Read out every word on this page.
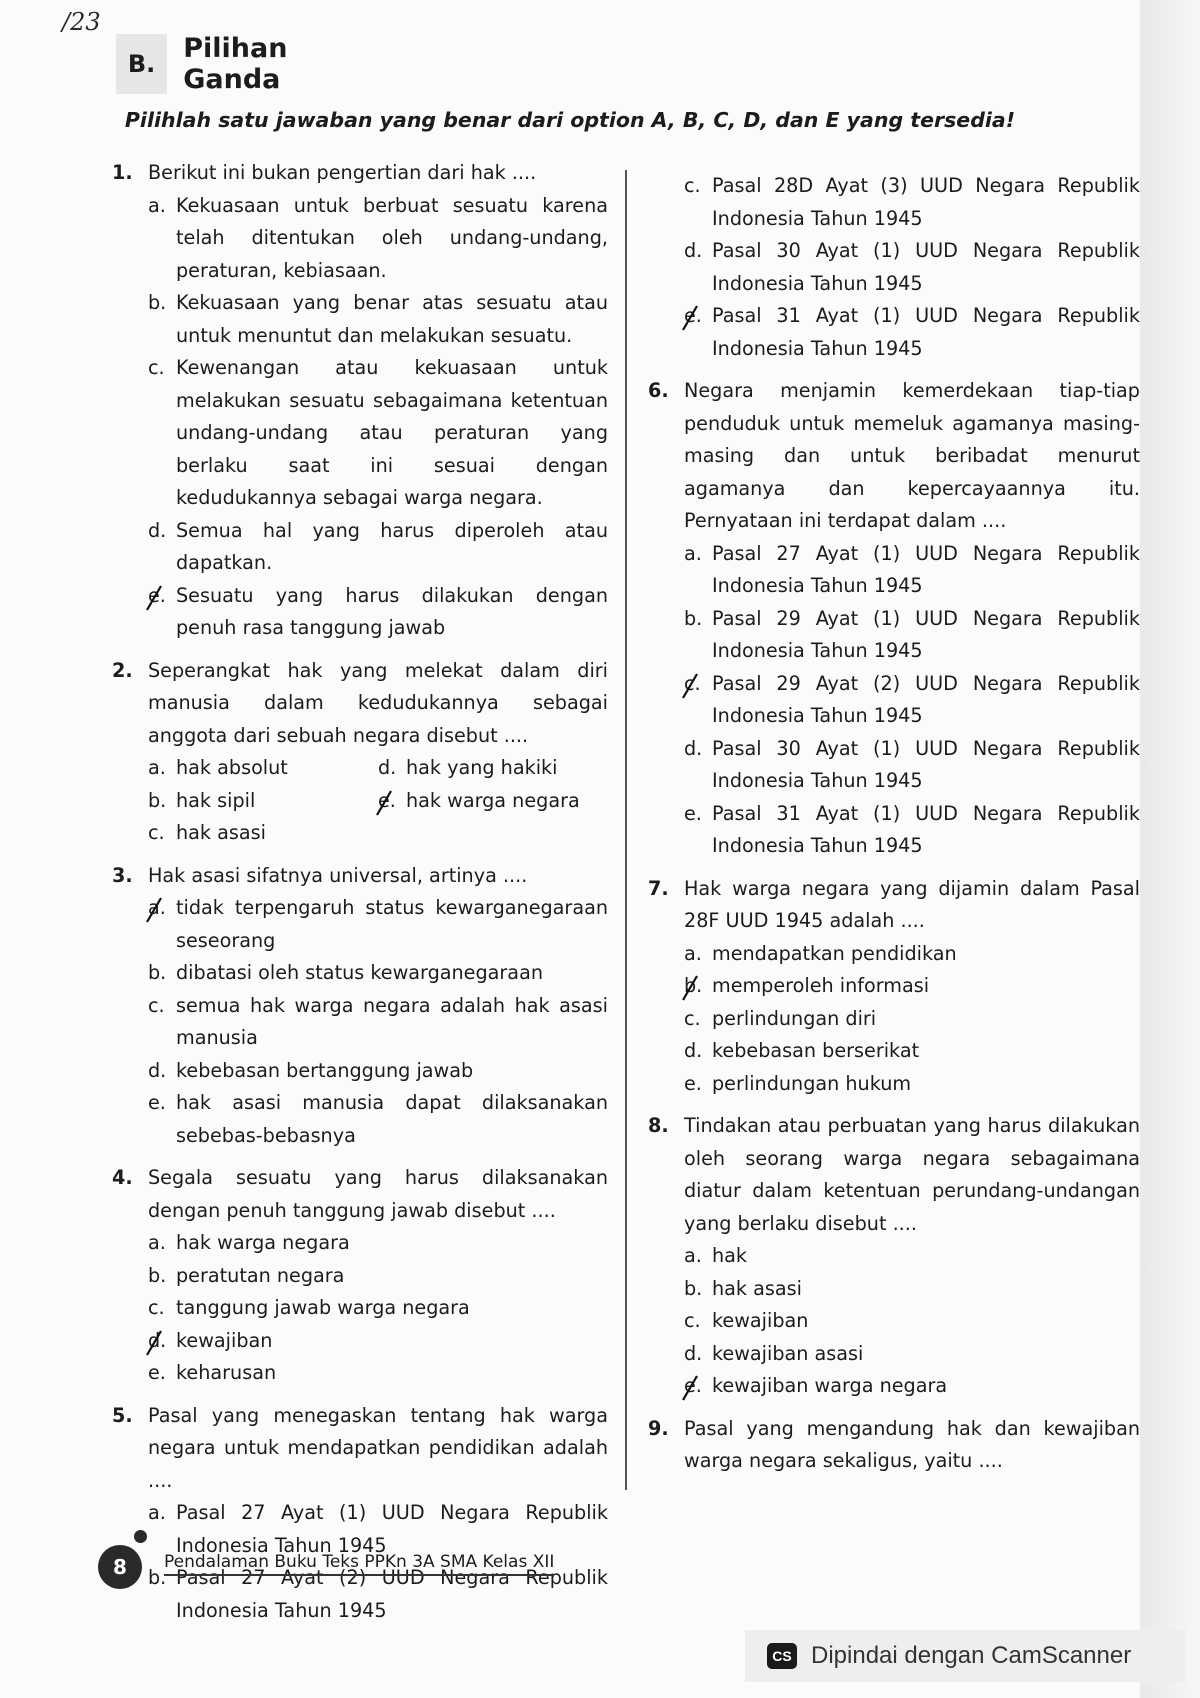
/23
B.	Pilihan Ganda
Pilihlah satu jawaban yang benar dari option A, B, C, D, dan E yang tersedia!
1. Berikut ini bukan pengertian dari hak ....
a. Kekuasaan untuk berbuat sesuatu karena telah ditentukan oleh undang-undang, peraturan, kebiasaan.
b. Kekuasaan yang benar atas sesuatu atau untuk menuntut dan melakukan sesuatu.
c. Kewenangan atau kekuasaan untuk melakukan sesuatu sebagaimana ketentuan undang-undang atau peraturan yang berlaku saat ini sesuai dengan kedudukannya sebagai warga negara.
d. Semua hal yang harus diperoleh atau dapatkan.
e. Sesuatu yang harus dilakukan dengan penuh rasa tanggung jawab
2. Seperangkat hak yang melekat dalam diri manusia dalam kedudukannya sebagai anggota dari sebuah negara disebut ....
a. hak absolut	d. hak yang hakiki
b. hak sipil	e. hak warga negara
c. hak asasi
3. Hak asasi sifatnya universal, artinya ....
a. tidak terpengaruh status kewarganegaraan seseorang
b. dibatasi oleh status kewarganegaraan
c. semua hak warga negara adalah hak asasi manusia
d. kebebasan bertanggung jawab
e. hak asasi manusia dapat dilaksanakan sebebas-bebasnya
4. Segala sesuatu yang harus dilaksanakan dengan penuh tanggung jawab disebut ....
a. hak warga negara
b. peratutan negara
c. tanggung jawab warga negara
d. kewajiban
e. keharusan
5. Pasal yang menegaskan tentang hak warga negara untuk mendapatkan pendidikan adalah ....
a. Pasal 27 Ayat (1) UUD Negara Republik Indonesia Tahun 1945
b. Pasal 27 Ayat (2) UUD Negara Republik Indonesia Tahun 1945
c. Pasal 28D Ayat (3) UUD Negara Republik Indonesia Tahun 1945
d. Pasal 30 Ayat (1) UUD Negara Republik Indonesia Tahun 1945
e. Pasal 31 Ayat (1) UUD Negara Republik Indonesia Tahun 1945
6. Negara menjamin kemerdekaan tiap-tiap penduduk untuk memeluk agamanya masing-masing dan untuk beribadat menurut agamanya dan kepercayaannya itu. Pernyataan ini terdapat dalam ....
a. Pasal 27 Ayat (1) UUD Negara Republik Indonesia Tahun 1945
b. Pasal 29 Ayat (1) UUD Negara Republik Indonesia Tahun 1945
c. Pasal 29 Ayat (2) UUD Negara Republik Indonesia Tahun 1945
d. Pasal 30 Ayat (1) UUD Negara Republik Indonesia Tahun 1945
e. Pasal 31 Ayat (1) UUD Negara Republik Indonesia Tahun 1945
7. Hak warga negara yang dijamin dalam Pasal 28F UUD 1945 adalah ....
a. mendapatkan pendidikan
b. memperoleh informasi
c. perlindungan diri
d. kebebasan berserikat
e. perlindungan hukum
8. Tindakan atau perbuatan yang harus dilakukan oleh seorang warga negara sebagaimana diatur dalam ketentuan perundang-undangan yang berlaku disebut ....
a. hak
b. hak asasi
c. kewajiban
d. kewajiban asasi
e. kewajiban warga negara
9. Pasal yang mengandung hak dan kewajiban warga negara sekaligus, yaitu ....
8	Pendalaman Buku Teks PPKn 3A SMA Kelas XII
CS Dipindai dengan CamScanner
